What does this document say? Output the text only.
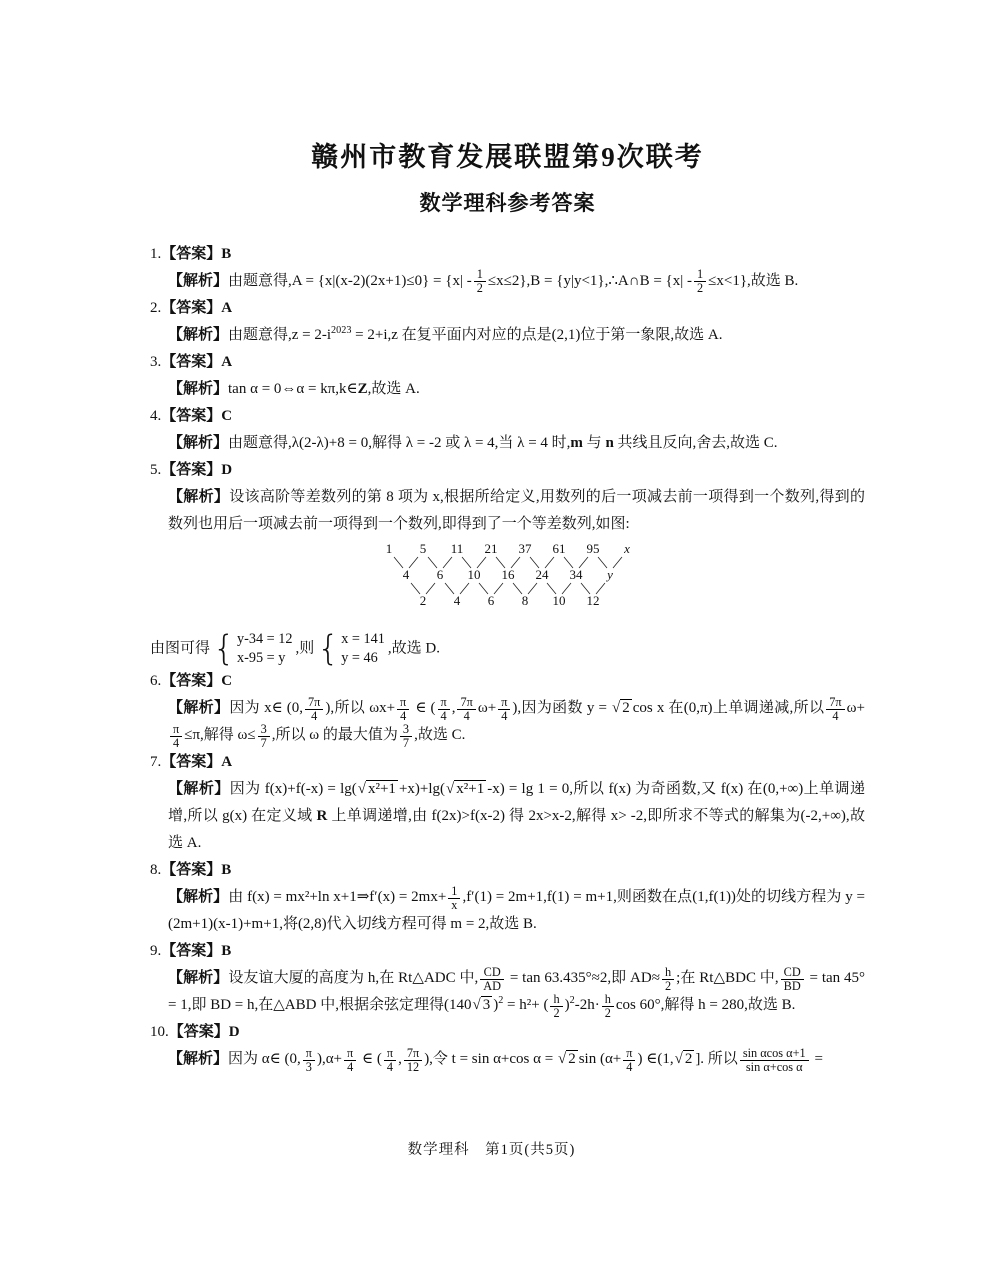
赣州市教育发展联盟第9次联考
数学理科参考答案
1.【答案】B
【解析】由题意得$,A = \{x|(x-2)(2x+1)\le 0\} = \{x| - \frac{1}{2} \le x\le 2\},B$ = {y|y<1},∴A∩B = $\{x| - \frac{1}{2} \le x<1\}$,故选 B.
2.【答案】A
【解析】由题意得$,z = 2-i^{2023} = 2+i,z$ 在复平面内对应的点是(2,1)位于第一象限,故选 A.
3.【答案】A
【解析】tan α = 0⇔α = kπ,k∈Z,故选 A.
4.【答案】C
【解析】由题意得,λ(2-λ)+8 = 0,解得 λ = -2 或 λ = 4,当 λ = 4 时,m 与 n 共线且反向,舍去,故选 C.
5.【答案】D
【解析】设该高阶等差数列的第 8 项为 x,根据所给定义,用数列的后一项减去前一项得到一个数列,得到的数列也用后一项减去前一项得到一个数列,即得到了一个等差数列,如图:
1 5 11 21 37 61 95 x
4 6 10 16 24 34 y
2 4 6 8 10 12
由图可得 { y-34 = 12
x-95 = y
,则 { x = 141
y = 46
,故选 D.
6.【答案】C
【解析】因为 x∈ (0, $\frac{7\pi}{4}$ ),所以 $\omega x+ \frac{\pi}{4}$ ∈ ( $\frac{\pi}{4}$ , $\frac{7\pi}{4} \omega+ \frac{\pi}{4}$ ),因为函数 y = √ 2 cos x 在(0,π)上单调递减,所以 $\frac{7\pi}{4} \omega+$
$\frac{\pi}{4} \le\pi$,解得 $\omega\le \frac{3}{7}$ ,所以 ω 的最大值为 $\frac{3}{7}$ ,故选 C.
7.【答案】A
【解析】因为 f(x)+f(-x) = lg( √ x²+1 +x)+lg( √ x²+1 -x) = lg 1 = 0,所以 f(x) 为奇函数,又 f(x) 在(0,+∞)上单调递增,所以 g(x) 在定义域 R 上单调递增,由 f(2x)>f(x-2) 得 2x>x-2,解得 x> -2,即所求不等式的解集为(-2,+∞),故选 A.
8.【答案】B
【解析】由 f(x) = mx²+ln x+1⇒f′(x) = $2mx+ \frac{1}{x} ,f'(1) = 2m+1,f(1) = m+1$,则函数在点(1,f(1))处的切线方程为 y = (2m+1)(x-1)+m+1,将(2,8)代入切线方程可得 m = 2,故选 B.
9.【答案】B
【解析】设友谊大厦的高度为 h,在 Rt△ADC 中, $\frac{CD}{AD} = \tan 63.435^\circ\approx 2$,即 $AD\approx \frac{h}{2}$ ;在 Rt△BDC 中, $\frac{CD}{BD} = \tan 45^\circ = 1$,即 BD = h,在△ABD 中,根据余弦定理得(140 √ 3 )$^2$ = h²+ ( $\frac{h}{2} )^2-2h\cdot \frac{h}{2}$ cos 60°,解得 h = 280,故选 B.
10.【答案】D
【解析】因为 α∈ (0, $\frac{\pi}{3} ),\alpha+ \frac{\pi}{4}$ ∈ ( $\frac{\pi}{4}$ , $\frac{7\pi}{12}$ ),令 t = sin α+cos α = √ 2 $\sin (\alpha+ \frac{\pi}{4}$ ) ∈(1, √ 2 ]. 所以 $\frac{\text{sin αcos α+1}}{\text{sin α+cos α}}$ =
数学理科　第1页(共5页)
